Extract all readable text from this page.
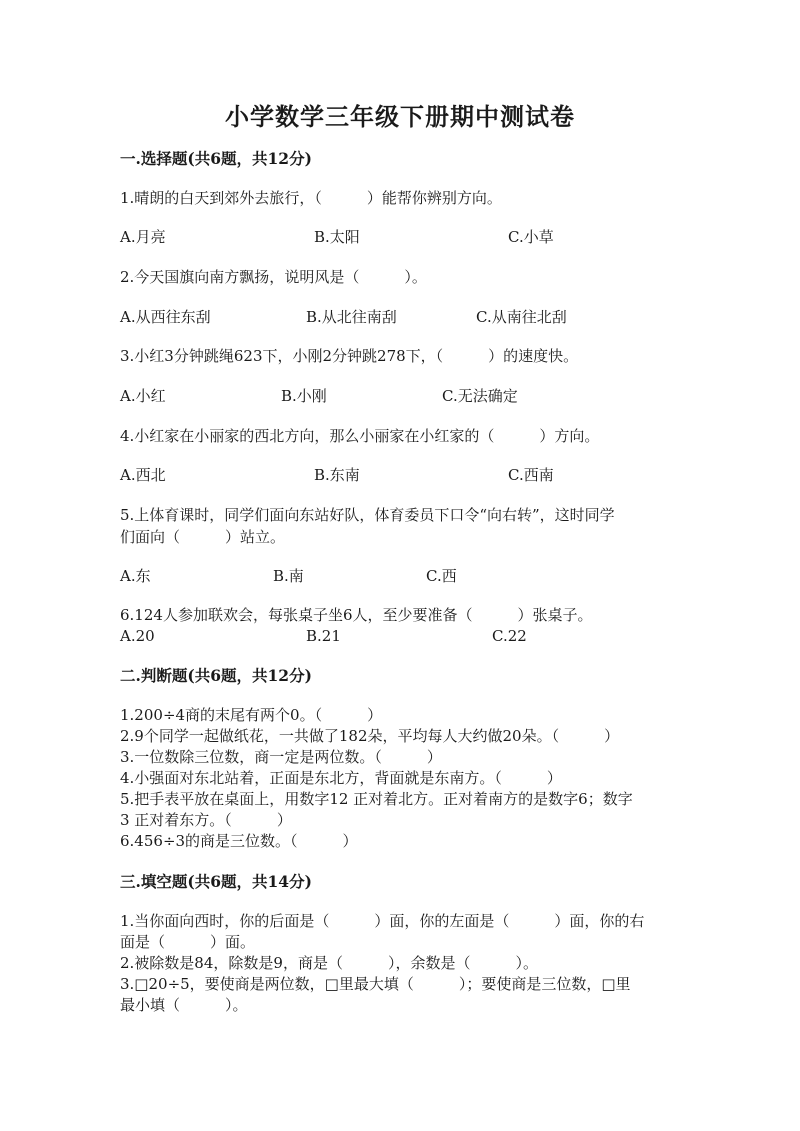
小学数学三年级下册期中测试卷
一.选择题(共6题，共12分)
1.晴朗的白天到郊外去旅行，（　　　）能帮你辨别方向。
A.月亮	B.太阳	C.小草
2.今天国旗向南方飘扬，说明风是（　　　）。
A.从西往东刮	B.从北往南刮	C.从南往北刮
3.小红3分钟跳绳623下，小刚2分钟跳278下，（　　　）的速度快。
A.小红	B.小刚	C.无法确定
4.小红家在小丽家的西北方向，那么小丽家在小红家的（　　　）方向。
A.西北	B.东南	C.西南
5.上体育课时，同学们面向东站好队，体育委员下口令“向右转”，这时同学
们面向（　　　）站立。
A.东	B.南	C.西
6.124人参加联欢会，每张桌子坐6人，至少要准备（　　　）张桌子。
A.20	B.21	C.22
二.判断题(共6题，共12分)
1.200÷4商的末尾有两个0。（　　　）
2.9个同学一起做纸花，一共做了182朵，平均每人大约做20朵。（　　　）
3.一位数除三位数，商一定是两位数。（　　　）
4.小强面对东北站着，正面是东北方，背面就是东南方。（　　　）
5.把手表平放在桌面上，用数字12 正对着北方。正对着南方的是数字6；数字
3 正对着东方。（　　　）
6.456÷3的商是三位数。（　　　）
三.填空题(共6题，共14分)
1.当你面向西时，你的后面是（　　　）面，你的左面是（　　　）面，你的右
面是（　　　）面。
2.被除数是84，除数是9，商是（　　　），余数是（　　　）。
3.□20÷5，要使商是两位数，□里最大填（　　　）；要使商是三位数，□里
最小填（　　　）。
